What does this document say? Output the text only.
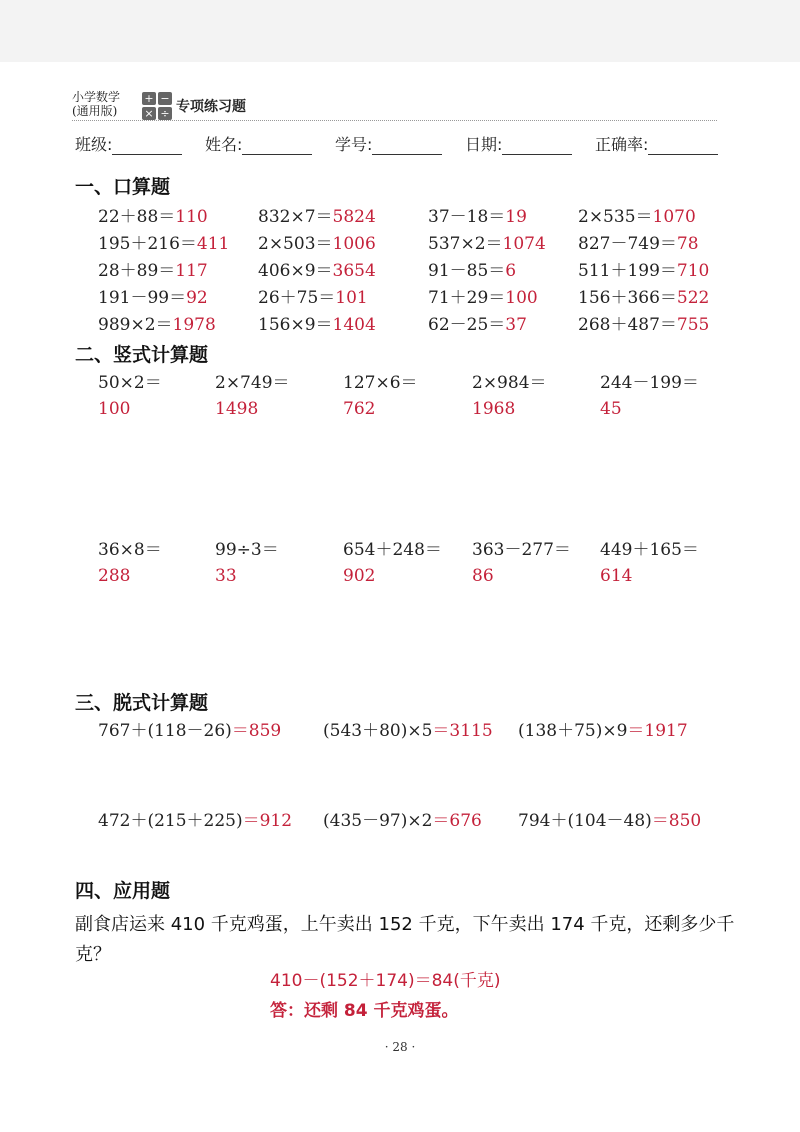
小学数学
(通用版)
+ −
× ÷ 专项练习题
班级:	姓名:	学号:	日期:	正确率:
一、口算题
22＋88＝110	832×7＝5824	37－18＝19	2×535＝1070
195＋216＝411 2×503＝1006	537×2＝1074 827－749＝78
28＋89＝117	406×9＝3654	91－85＝6	511＋199＝710
191－99＝92	26＋75＝101	71＋29＝100 156＋366＝522
989×2＝1978 156×9＝1404	62－25＝37	268＋487＝755
二、竖式计算题
50×2＝
100
2×749＝
1498
127×6＝
762
2×984＝
1968
244－199＝
45
36×8＝
288
99÷3＝
33
654＋248＝
902
363－277＝
86
449＋165＝
614
三、脱式计算题
767＋(118－26)＝859 (543＋80)×5＝3115 (138＋75)×9＝1917
472＋(215＋225)＝912 (435－97)×2＝676 794＋(104－48)＝850
四、应用题
副食店运来 410 千克鸡蛋，上午卖出 152 千克，下午卖出 174 千克，还剩多少千克？
410－(152＋174)＝84(千克)
答：还剩 84 千克鸡蛋。
· 28 ·
